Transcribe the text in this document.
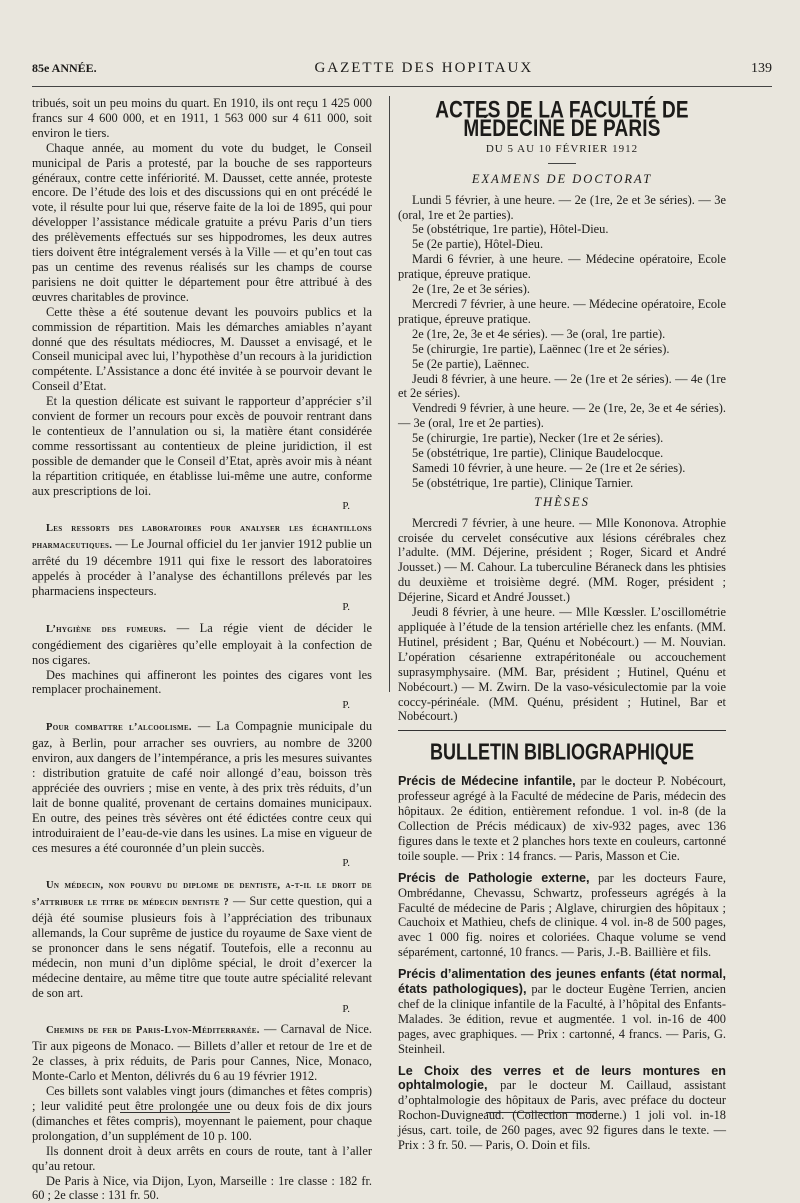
85e ANNÉE.	GAZETTE DES HOPITAUX	139

tribués, soit un peu moins du quart. En 1910, ils ont reçu 1 425 000 francs sur 4 600 000, et en 1911, 1 563 000 sur 4 611 000, soit environ le tiers.

Chaque année, au moment du vote du budget, le Conseil municipal de Paris a protesté, par la bouche de ses rapporteurs généraux, contre cette infériorité. M. Dausset, cette année, proteste encore. De l’étude des lois et des discussions qui en ont précédé le vote, il résulte pour lui que, réserve faite de la loi de 1895, qui pour développer l’assistance médicale gratuite a prévu Paris d’un tiers des prélèvements effectués sur ses hippodromes, les deux autres tiers doivent être intégralement versés à la Ville — et qu’en tout cas pas un centime des revenus réalisés sur les champs de course parisiens ne doit quitter le département pour être attribué à des œuvres charitables de province.

Cette thèse a été soutenue devant les pouvoirs publics et la commission de répartition. Mais les démarches amiables n’ayant donné que des résultats médiocres, M. Dausset a envisagé, et le Conseil municipal avec lui, l’hypothèse d’un recours à la juridiction compétente. L’Assistance a donc été invitée à se pourvoir devant le Conseil d’Etat.

Et la question délicate est suivant le rapporteur d’apprécier s’il convient de former un recours pour excès de pouvoir rentrant dans le contentieux de l’annulation ou si, la matière étant considérée comme ressortissant au contentieux de pleine juridiction, il est possible de demander que le Conseil d’Etat, après avoir mis à néant la répartition critiquée, en établisse lui-même une autre, conforme aux prescriptions de loi.

P.

Les ressorts des laboratoires pour analyser les échantillons pharmaceutiques. — Le Journal officiel du 1er janvier 1912 publie un arrêté du 19 décembre 1911 qui fixe le ressort des laboratoires appelés à procéder à l’analyse des échantillons prélevés par les pharmaciens inspecteurs.

P.

L’hygiène des fumeurs. — La régie vient de décider le congédiement des cigarières qu’elle employait à la confection de nos cigares.

Des machines qui affineront les pointes des cigares vont les remplacer prochainement.

P.

Pour combattre l’alcoolisme. — La Compagnie municipale du gaz, à Berlin, pour arracher ses ouvriers, au nombre de 3200 environ, aux dangers de l’intempérance, a pris les mesures suivantes : distribution gratuite de café noir allongé d’eau, boisson très appréciée des ouvriers ; mise en vente, à des prix très réduits, d’un lait de bonne qualité, provenant de certains domaines municipaux. En outre, des peines très sévères ont été édictées contre ceux qui introduiraient de l’eau-de-vie dans les usines. La mise en vigueur de ces mesures a été couronnée d’un plein succès.

P.

Un médecin, non pourvu du diplome de dentiste, a-t-il le droit de s’attribuer le titre de médecin dentiste ? — Sur cette question, qui a déjà été soumise plusieurs fois à l’appréciation des tribunaux allemands, la Cour suprême de justice du royaume de Saxe vient de se prononcer dans le sens négatif. Toutefois, elle a reconnu au médecin, non muni d’un diplôme spécial, le droit d’exercer la médecine dentaire, au même titre que toute autre spécialité relevant de son art.

P.

Chemins de fer de Paris-Lyon-Méditerranée. — Carnaval de Nice. Tir aux pigeons de Monaco. — Billets d’aller et retour de 1re et de 2e classes, à prix réduits, de Paris pour Cannes, Nice, Monaco, Monte-Carlo et Menton, délivrés du 6 au 19 février 1912.

Ces billets sont valables vingt jours (dimanches et fêtes compris) ; leur validité peut être prolongée une ou deux fois de dix jours (dimanches et fêtes compris), moyennant le paiement, pour chaque prolongation, d’un supplément de 10 p. 100.

Ils donnent droit à deux arrêts en cours de route, tant à l’aller qu’au retour.

De Paris à Nice, via Dijon, Lyon, Marseille : 1re classe : 182 fr. 60 ; 2e classe : 131 fr. 50.

ACTES DE LA FACULTÉ DE MÉDECINE DE PARIS
DU 5 AU 10 FÉVRIER 1912
EXAMENS DE DOCTORAT

Lundi 5 février, à une heure. — 2e (1re, 2e et 3e séries). — 3e (oral, 1re et 2e parties).

5e (obstétrique, 1re partie), Hôtel-Dieu.

5e (2e partie), Hôtel-Dieu.

Mardi 6 février, à une heure. — Médecine opératoire, Ecole pratique, épreuve pratique.

2e (1re, 2e et 3e séries).

Mercredi 7 février, à une heure. — Médecine opératoire, Ecole pratique, épreuve pratique.

2e (1re, 2e, 3e et 4e séries). — 3e (oral, 1re partie).

5e (chirurgie, 1re partie), Laënnec (1re et 2e séries).

5e (2e partie), Laënnec.

Jeudi 8 février, à une heure. — 2e (1re et 2e séries). — 4e (1re et 2e séries).

Vendredi 9 février, à une heure. — 2e (1re, 2e, 3e et 4e séries). — 3e (oral, 1re et 2e parties).

5e (chirurgie, 1re partie), Necker (1re et 2e séries).

5e (obstétrique, 1re partie), Clinique Baudelocque.

Samedi 10 février, à une heure. — 2e (1re et 2e séries).

5e (obstétrique, 1re partie), Clinique Tarnier.

THÈSES

Mercredi 7 février, à une heure. — Mlle Kononova. Atrophie croisée du cervelet consécutive aux lésions cérébrales chez l’adulte. (MM. Déjerine, président ; Roger, Sicard et André Jousset.) — M. Cahour. La tuberculine Béraneck dans les phtisies du deuxième et troisième degré. (MM. Roger, président ; Déjerine, Sicard et André Jousset.)

Jeudi 8 février, à une heure. — Mlle Kœssler. L’oscillométrie appliquée à l’étude de la tension artérielle chez les enfants. (MM. Hutinel, président ; Bar, Quénu et Nobécourt.) — M. Nouvian. L’opération césarienne extrapéritonéale ou accouchement suprasymphysaire. (MM. Bar, président ; Hutinel, Quénu et Nobécourt.) — M. Zwirn. De la vaso-vésiculectomie par la voie coccy-périnéale. (MM. Quénu, président ; Hutinel, Bar et Nobécourt.)

BULLETIN BIBLIOGRAPHIQUE

Précis de Médecine infantile, par le docteur P. Nobécourt, professeur agrégé à la Faculté de médecine de Paris, médecin des hôpitaux. 2e édition, entièrement refondue. 1 vol. in-8 (de la Collection de Précis médicaux) de xiv-932 pages, avec 136 figures dans le texte et 2 planches hors texte en couleurs, cartonné toile souple. — Prix : 14 francs. — Paris, Masson et Cie.

Précis de Pathologie externe, par les docteurs Faure, Ombrédanne, Chevassu, Schwartz, professeurs agrégés à la Faculté de médecine de Paris ; Alglave, chirurgien des hôpitaux ; Cauchoix et Mathieu, chefs de clinique. 4 vol. in-8 de 500 pages, avec 1 000 fig. noires et coloriées. Chaque volume se vend séparément, cartonné, 10 francs. — Paris, J.-B. Baillière et fils.

Précis d’alimentation des jeunes enfants (état normal, états pathologiques), par le docteur Eugène Terrien, ancien chef de la clinique infantile de la Faculté, à l’hôpital des Enfants-Malades. 3e édition, revue et augmentée. 1 vol. in-16 de 400 pages, avec graphiques. — Prix : cartonné, 4 francs. — Paris, G. Steinheil.

Le Choix des verres et de leurs montures en ophtalmologie, par le docteur M. Caillaud, assistant d’ophtalmologie des hôpitaux de Paris, avec préface du docteur Rochon-Duvigneaud. (Collection moderne.) 1 joli vol. in-18 jésus, cart. toile, de 260 pages, avec 92 figures dans le texte. — Prix : 3 fr. 50. — Paris, O. Doin et fils.
